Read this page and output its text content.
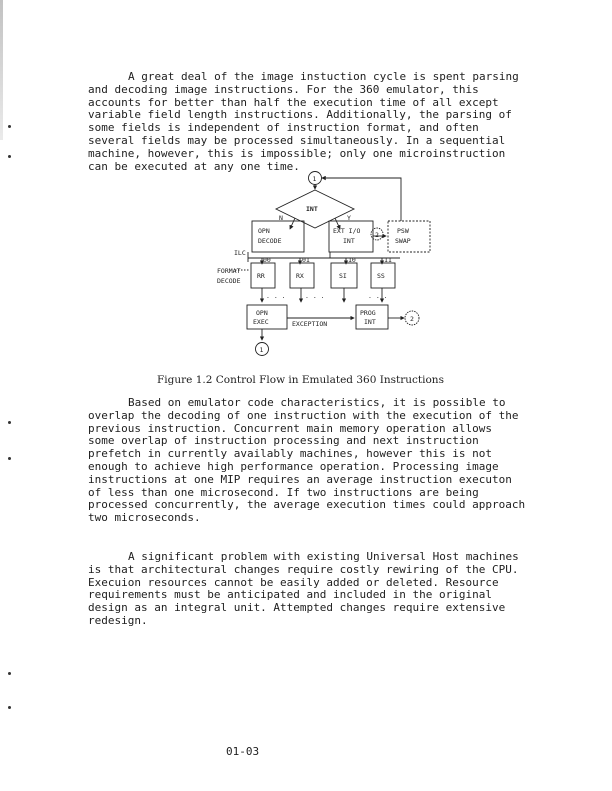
A great deal of the image instuction cycle is spent parsing
and decoding image instructions. For the 360 emulator, this
accounts for better than half the execution time of all except
variable field length instructions. Additionally, the parsing of
some fields is independent of instruction format, and often
several fields may be processed simultaneously. In a sequential
machine, however, this is impossible; only one microinstruction
can be executed at any one time.
1
INT
N	Y
OPN
DECODE
EXT I/O
INT
2	PSW
SWAP
ILC
00	01	10	11
FORMAT
DECODE
RR	RX	SI	SS
. . .	. . .	. . .
OPN
EXEC	EXCEPTION
PROG
INT	2
1
Figure 1.2 Control Flow in Emulated 360 Instructions
Based on emulator code characteristics, it is possible to
overlap the decoding of one instruction with the execution of the
previous instruction. Concurrent main memory operation allows
some overlap of instruction processing and next instruction
prefetch in currently availably machines, however this is not
enough to achieve high performance operation. Processing image
instructions at one MIP requires an average instruction executon
of less than one microsecond. If two instructions are being
processed concurrently, the average execution times could approach
two microseconds.
A significant problem with existing Universal Host machines
is that architectural changes require costly rewiring of the CPU.
Execuion resources cannot be easily added or deleted. Resource
requirements must be anticipated and included in the original
design as an integral unit. Attempted changes require extensive
redesign.
01-03
